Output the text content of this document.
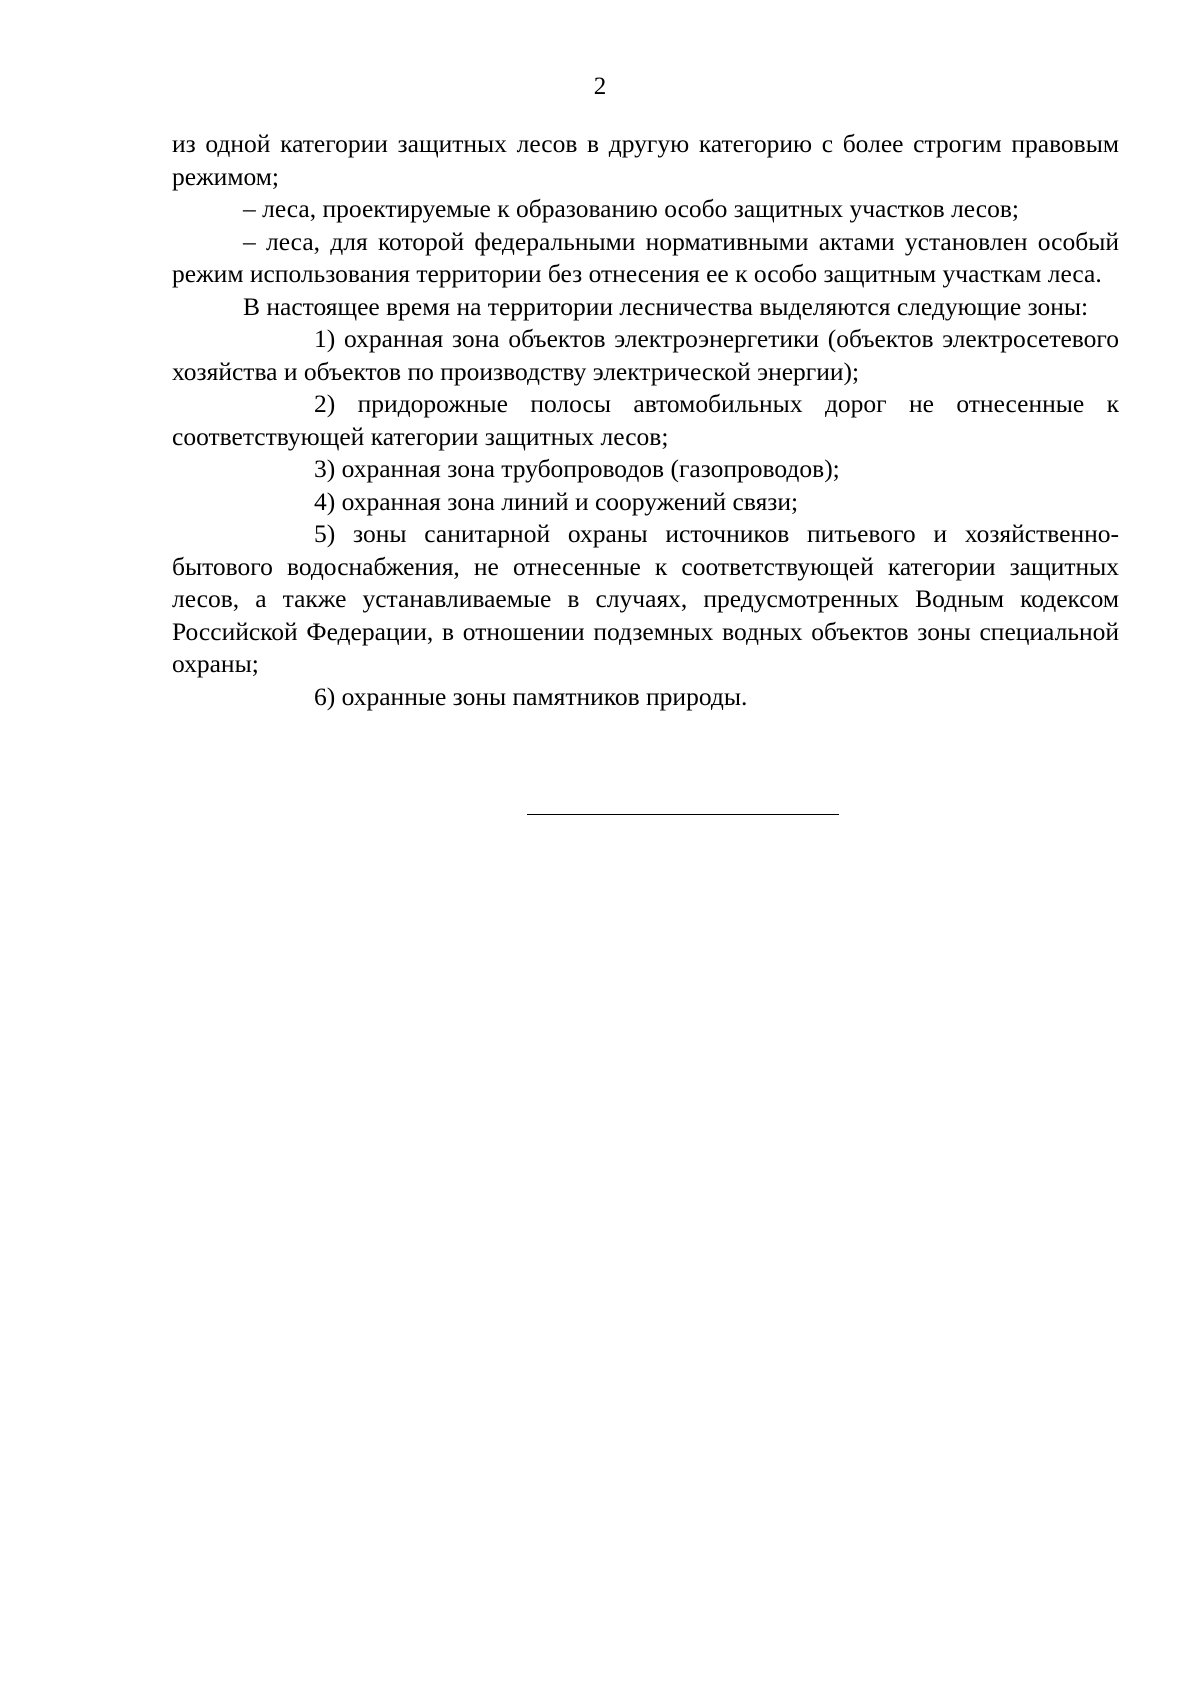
2

из одной категории защитных лесов в другую категорию с более строгим правовым режимом;

– леса, проектируемые к образованию особо защитных участков лесов;

– леса, для которой федеральными нормативными актами установлен особый режим использования территории без отнесения ее к особо защитным участкам леса.

В настоящее время на территории лесничества выделяются следующие зоны:

1) охранная зона объектов электроэнергетики (объектов электросетевого хозяйства и объектов по производству электрической энергии);

2) придорожные полосы автомобильных дорог не отнесенные к соответствующей категории защитных лесов;

3) охранная зона трубопроводов (газопроводов);

4) охранная зона линий и сооружений связи;

5) зоны санитарной охраны источников питьевого и хозяйственно-бытового водоснабжения, не отнесенные к соответствующей категории защитных лесов, а также устанавливаемые в случаях, предусмотренных Водным кодексом Российской Федерации, в отношении подземных водных объектов зоны специальной охраны;

6) охранные зоны памятников природы.
